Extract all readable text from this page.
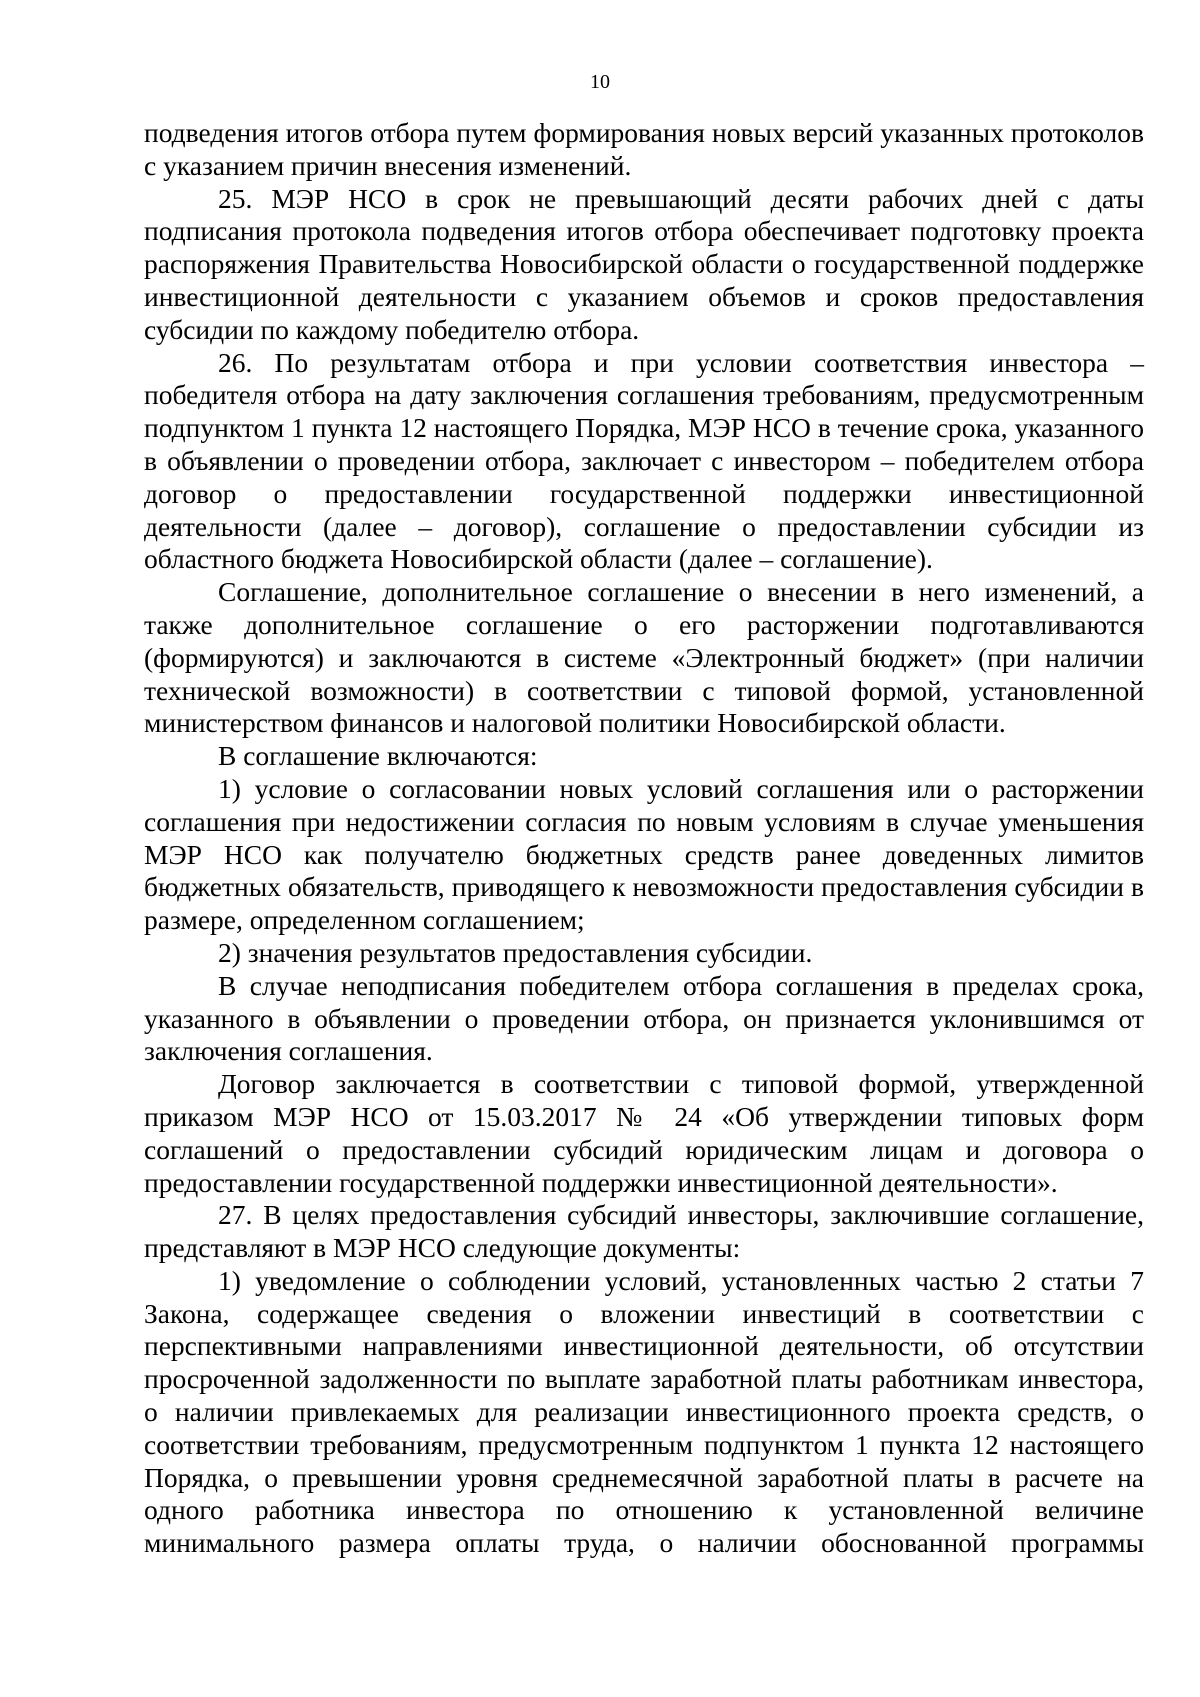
10

подведения итогов отбора путем формирования новых версий указанных протоколов с указанием причин внесения изменений.

25. МЭР НСО в срок не превышающий десяти рабочих дней с даты подписания протокола подведения итогов отбора обеспечивает подготовку проекта распоряжения Правительства Новосибирской области о государственной поддержке инвестиционной деятельности с указанием объемов и сроков предоставления субсидии по каждому победителю отбора.

26. По результатам отбора и при условии соответствия инвестора – победителя отбора на дату заключения соглашения требованиям, предусмотренным подпунктом 1 пункта 12 настоящего Порядка, МЭР НСО в течение срока, указанного в объявлении о проведении отбора, заключает с инвестором – победителем отбора договор о предоставлении государственной поддержки инвестиционной деятельности (далее – договор), соглашение о предоставлении субсидии из областного бюджета Новосибирской области (далее – соглашение).

Соглашение, дополнительное соглашение о внесении в него изменений, а также дополнительное соглашение о его расторжении подготавливаются (формируются) и заключаются в системе «Электронный бюджет» (при наличии технической возможности) в соответствии с типовой формой, установленной министерством финансов и налоговой политики Новосибирской области.

В соглашение включаются:

1) условие о согласовании новых условий соглашения или о расторжении соглашения при недостижении согласия по новым условиям в случае уменьшения МЭР НСО как получателю бюджетных средств ранее доведенных лимитов бюджетных обязательств, приводящего к невозможности предоставления субсидии в размере, определенном соглашением;

2) значения результатов предоставления субсидии.

В случае неподписания победителем отбора соглашения в пределах срока, указанного в объявлении о проведении отбора, он признается уклонившимся от заключения соглашения.

Договор заключается в соответствии с типовой формой, утвержденной приказом МЭР НСО от 15.03.2017 № 24 «Об утверждении типовых форм соглашений о предоставлении субсидий юридическим лицам и договора о предоставлении государственной поддержки инвестиционной деятельности».

27. В целях предоставления субсидий инвесторы, заключившие соглашение, представляют в МЭР НСО следующие документы:

1) уведомление о соблюдении условий, установленных частью 2 статьи 7 Закона, содержащее сведения о вложении инвестиций в соответствии с перспективными направлениями инвестиционной деятельности, об отсутствии просроченной задолженности по выплате заработной платы работникам инвестора, о наличии привлекаемых для реализации инвестиционного проекта средств, о соответствии требованиям, предусмотренным подпунктом 1 пункта 12 настоящего Порядка, о превышении уровня среднемесячной заработной платы в расчете на одного работника инвестора по отношению к установленной величине минимального размера оплаты труда, о наличии обоснованной программы
